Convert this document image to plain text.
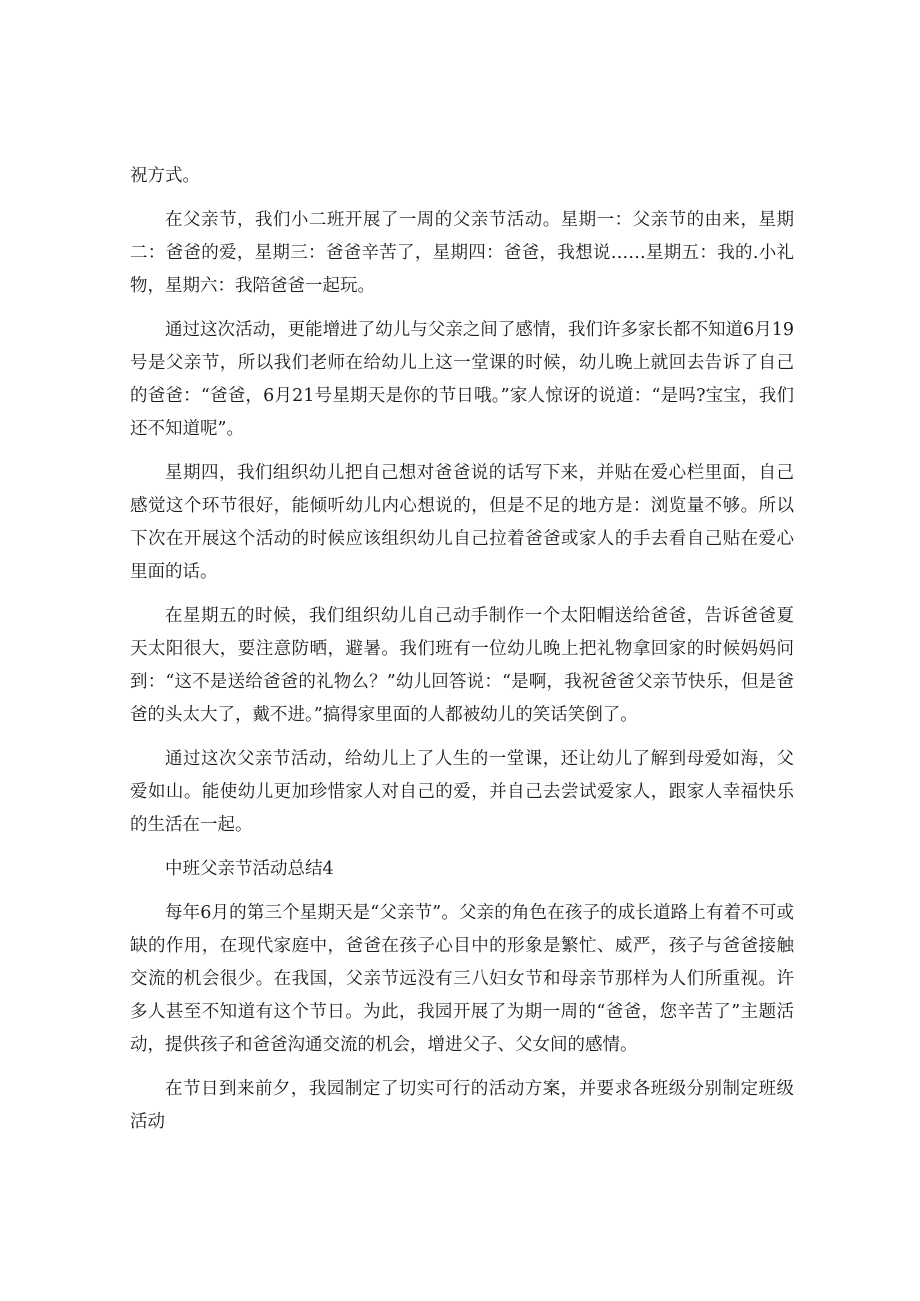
祝方式。

在父亲节，我们小二班开展了一周的父亲节活动。星期一：父亲节的由来，星期二：爸爸的爱，星期三：爸爸辛苦了，星期四：爸爸，我想说……星期五：我的.小礼物，星期六：我陪爸爸一起玩。

通过这次活动，更能增进了幼儿与父亲之间了感情，我们许多家长都不知道6月19号是父亲节，所以我们老师在给幼儿上这一堂课的时候，幼儿晚上就回去告诉了自己的爸爸：“爸爸，6月21号星期天是你的节日哦。”家人惊讶的说道：“是吗?宝宝，我们还不知道呢”。

星期四，我们组织幼儿把自己想对爸爸说的话写下来，并贴在爱心栏里面，自己感觉这个环节很好，能倾听幼儿内心想说的，但是不足的地方是：浏览量不够。所以下次在开展这个活动的时候应该组织幼儿自己拉着爸爸或家人的手去看自己贴在爱心里面的话。

在星期五的时候，我们组织幼儿自己动手制作一个太阳帽送给爸爸，告诉爸爸夏天太阳很大，要注意防晒，避暑。我们班有一位幼儿晚上把礼物拿回家的时候妈妈问到：“这不是送给爸爸的礼物么？”幼儿回答说：“是啊，我祝爸爸父亲节快乐，但是爸爸的头太大了，戴不进。”搞得家里面的人都被幼儿的笑话笑倒了。

通过这次父亲节活动，给幼儿上了人生的一堂课，还让幼儿了解到母爱如海，父爱如山。能使幼儿更加珍惜家人对自己的爱，并自己去尝试爱家人，跟家人幸福快乐的生活在一起。

中班父亲节活动总结4

每年6月的第三个星期天是“父亲节”。父亲的角色在孩子的成长道路上有着不可或缺的作用，在现代家庭中，爸爸在孩子心目中的形象是繁忙、威严，孩子与爸爸接触交流的机会很少。在我国，父亲节远没有三八妇女节和母亲节那样为人们所重视。许多人甚至不知道有这个节日。为此，我园开展了为期一周的“爸爸，您辛苦了”主题活动，提供孩子和爸爸沟通交流的机会，增进父子、父女间的感情。

在节日到来前夕，我园制定了切实可行的活动方案，并要求各班级分别制定班级活动
